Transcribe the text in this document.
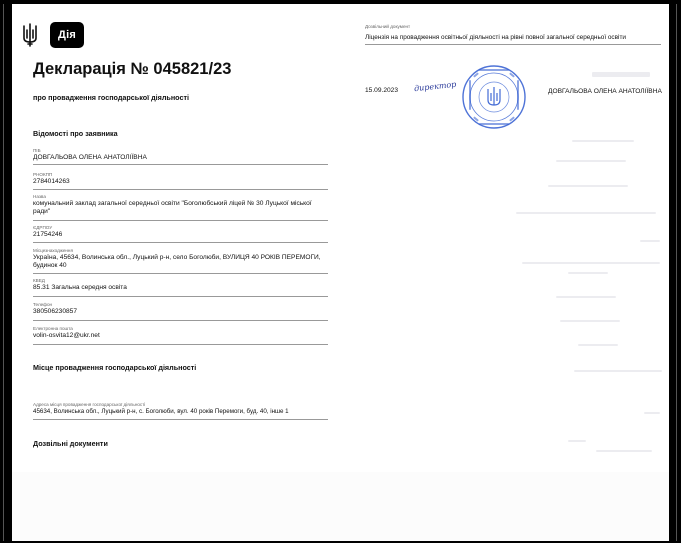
Дія
Декларація № 045821/23
про провадження господарської діяльності
Відомості про заявника
ПІБ
ДОВГАЛЬОВА ОЛЕНА АНАТОЛІЇВНА
РНОКПП
2784014263
Назва
комунальний заклад загальної середньої освіти "Боголюбський ліцей № 30 Луцької міської ради"
ЄДРПОУ
21754246
Місцезнаходження
Україна, 45634, Волинська обл., Луцький р-н, село Боголюби, ВУЛИЦЯ 40 РОКІВ ПЕРЕМОГИ, будинок 40
КВЕД
85.31 Загальна середня освіта
Телефон
380506230857
Електронна пошта
volin-osvita12@ukr.net
Місце провадження господарської діяльності
Адреса місця провадження господарської діяльності
45634, Волинська обл., Луцький р-н, с. Боголюби, вул. 40 років Перемоги, буд. 40, інше 1
Дозвільні документи
Дозвільний документ
Ліцензія на провадження освітньої діяльності на рівні повної загальної середньої освіти
15.09.2023 директор	ДОВГАЛЬОВА ОЛЕНА АНАТОЛІЇВНА
